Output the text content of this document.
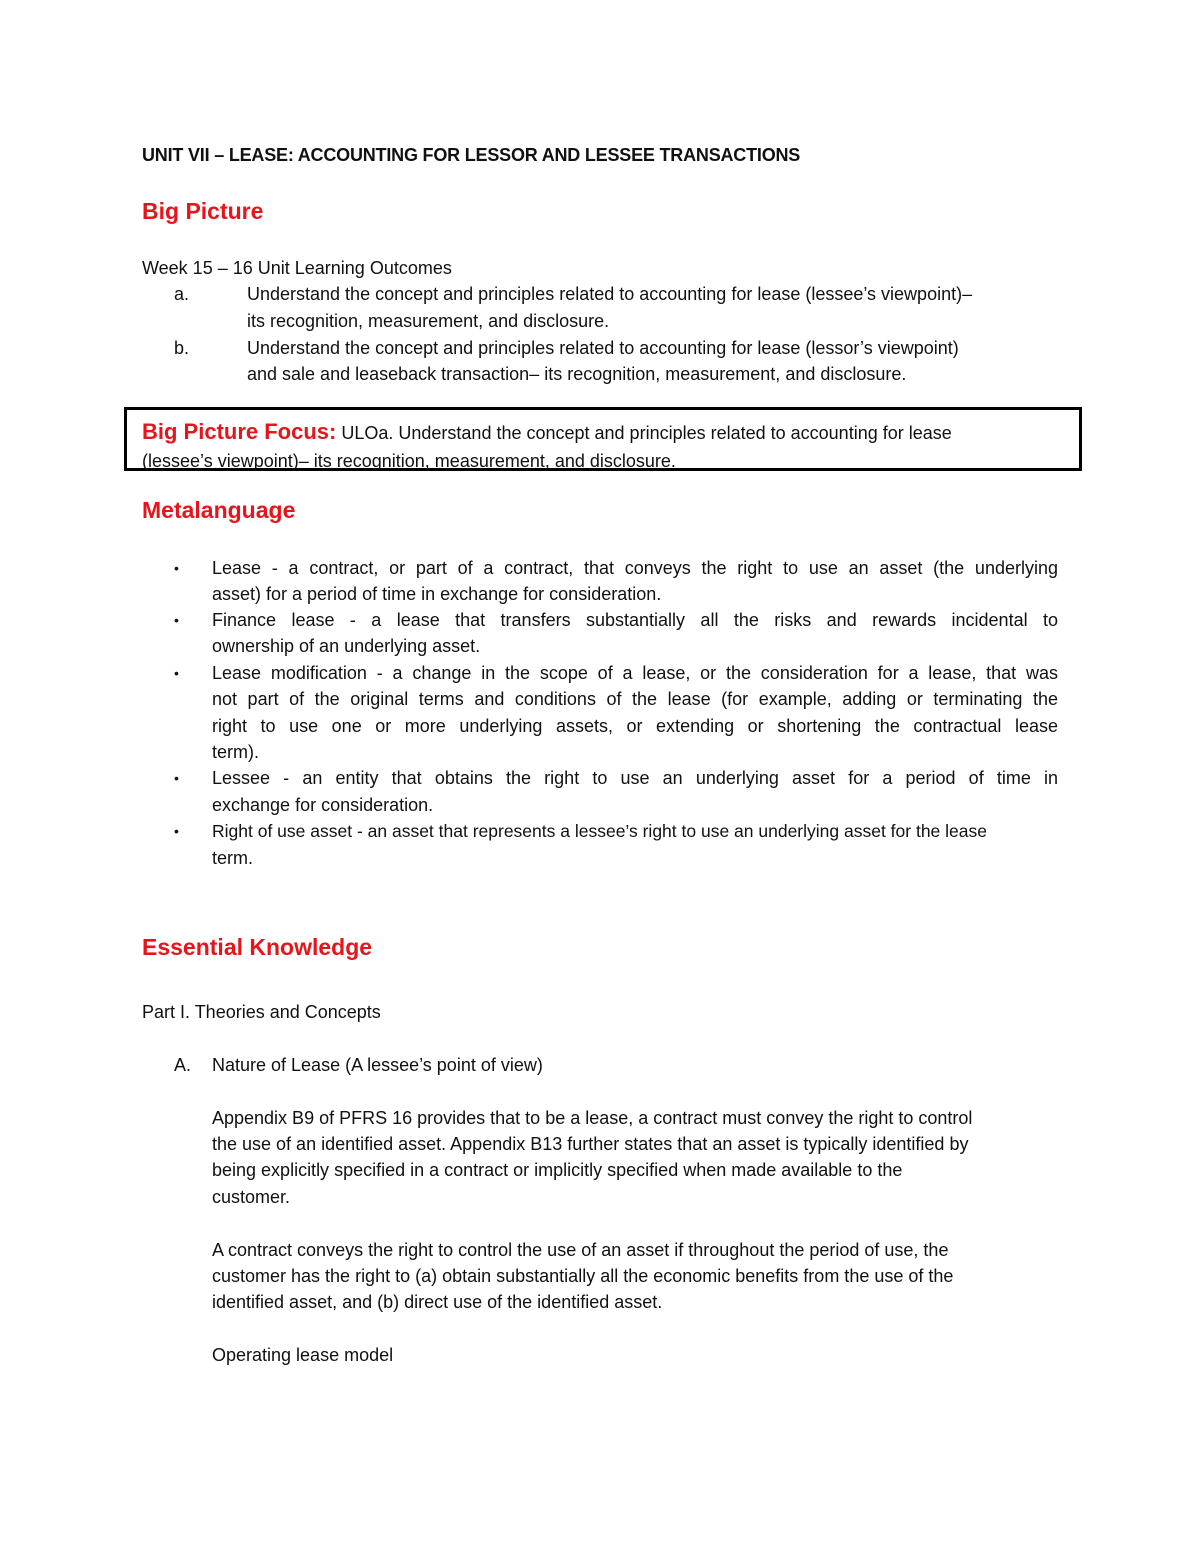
UNIT VII – LEASE: ACCOUNTING FOR LESSOR AND LESSEE TRANSACTIONS
Big Picture
Week 15 – 16 Unit Learning Outcomes
a.	Understand the concept and principles related to accounting for lease (lessee’s viewpoint)–
its recognition, measurement, and disclosure.
b.	Understand the concept and principles related to accounting for lease (lessor’s viewpoint)
and sale and leaseback transaction– its recognition, measurement, and disclosure.
Big Picture Focus: ULOa. Understand the concept and principles related to accounting for lease
(lessee’s viewpoint)– its recognition, measurement, and disclosure.
Metalanguage
• Lease - a contract, or part of a contract, that conveys the right to use an asset (the underlying
asset) for a period of time in exchange for consideration.
• Finance lease - a lease that transfers substantially all the risks and rewards incidental to
ownership of an underlying asset.
• Lease modification - a change in the scope of a lease, or the consideration for a lease, that was
not part of the original terms and conditions of the lease (for example, adding or terminating the
right to use one or more underlying assets, or extending or shortening the contractual lease
term).
• Lessee - an entity that obtains the right to use an underlying asset for a period of time in
exchange for consideration.
• Right of use asset - an asset that represents a lessee’s right to use an underlying asset for the lease
term.
Essential Knowledge
Part I. Theories and Concepts
A. Nature of Lease (A lessee’s point of view)
Appendix B9 of PFRS 16 provides that to be a lease, a contract must convey the right to control
the use of an identified asset. Appendix B13 further states that an asset is typically identified by
being explicitly specified in a contract or implicitly specified when made available to the
customer.
A contract conveys the right to control the use of an asset if throughout the period of use, the
customer has the right to (a) obtain substantially all the economic benefits from the use of the
identified asset, and (b) direct use of the identified asset.
Operating lease model
